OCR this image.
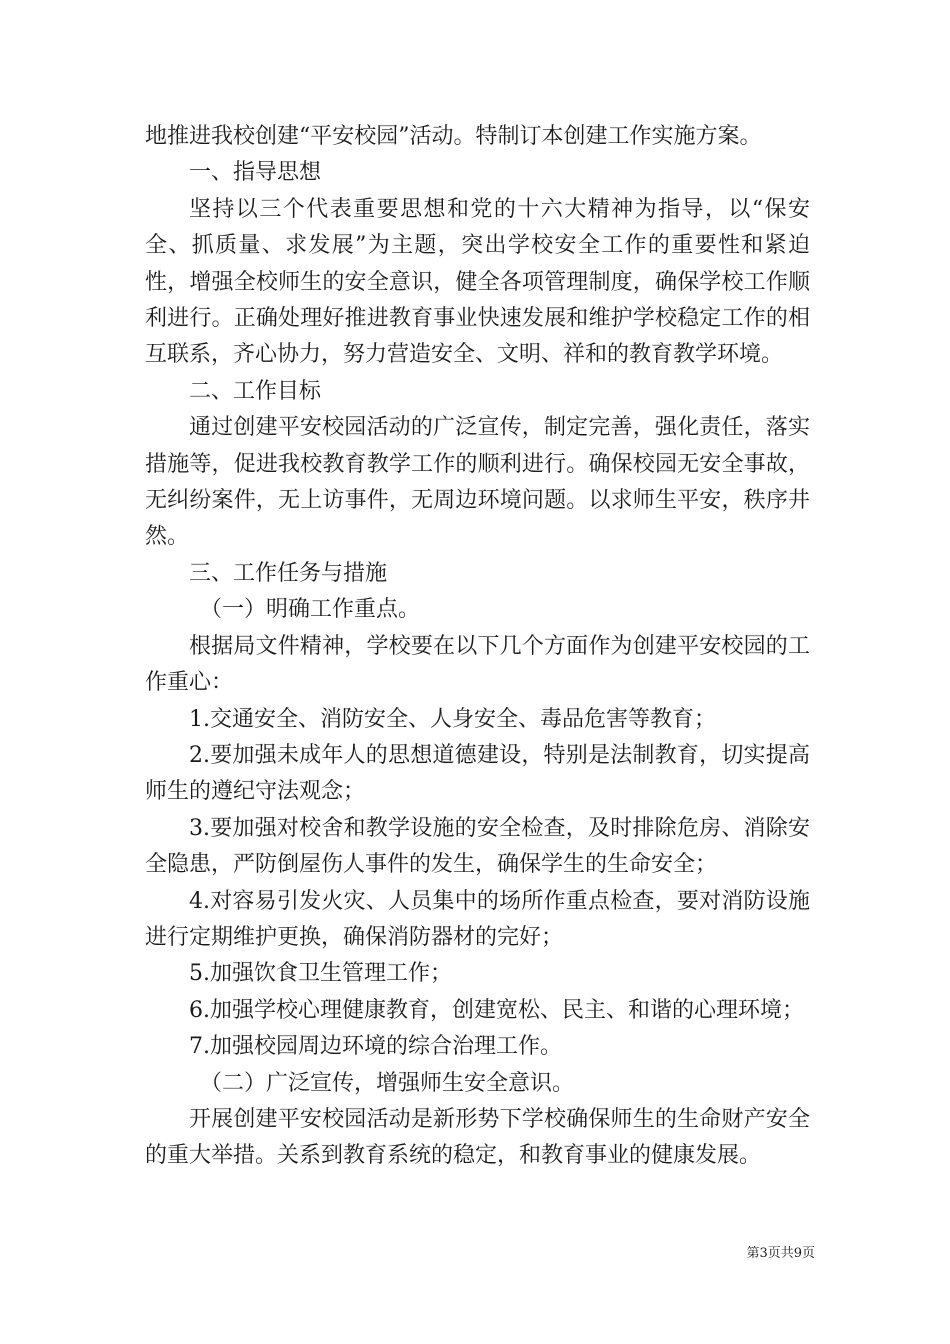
地推进我校创建“平安校园”活动。特制订本创建工作实施方案。

一、指导思想

坚持以三个代表重要思想和党的十六大精神为指导，以“保安全、抓质量、求发展”为主题，突出学校安全工作的重要性和紧迫性，增强全校师生的安全意识，健全各项管理制度，确保学校工作顺利进行。正确处理好推进教育事业快速发展和维护学校稳定工作的相互联系，齐心协力，努力营造安全、文明、祥和的教育教学环境。

二、工作目标

通过创建平安校园活动的广泛宣传，制定完善，强化责任，落实措施等，促进我校教育教学工作的顺利进行。确保校园无安全事故，无纠纷案件，无上访事件，无周边环境问题。以求师生平安，秩序井然。

三、工作任务与措施

（一）明确工作重点。

根据局文件精神，学校要在以下几个方面作为创建平安校园的工作重心：

1.交通安全、消防安全、人身安全、毒品危害等教育；

2.要加强未成年人的思想道德建设，特别是法制教育，切实提高师生的遵纪守法观念；

3.要加强对校舍和教学设施的安全检查，及时排除危房、消除安全隐患，严防倒屋伤人事件的发生，确保学生的生命安全；

4.对容易引发火灾、人员集中的场所作重点检查，要对消防设施进行定期维护更换，确保消防器材的完好；

5.加强饮食卫生管理工作；

6.加强学校心理健康教育，创建宽松、民主、和谐的心理环境；

7.加强校园周边环境的综合治理工作。

（二）广泛宣传，增强师生安全意识。

开展创建平安校园活动是新形势下学校确保师生的生命财产安全的重大举措。关系到教育系统的稳定，和教育事业的健康发展。

第3页共9页
